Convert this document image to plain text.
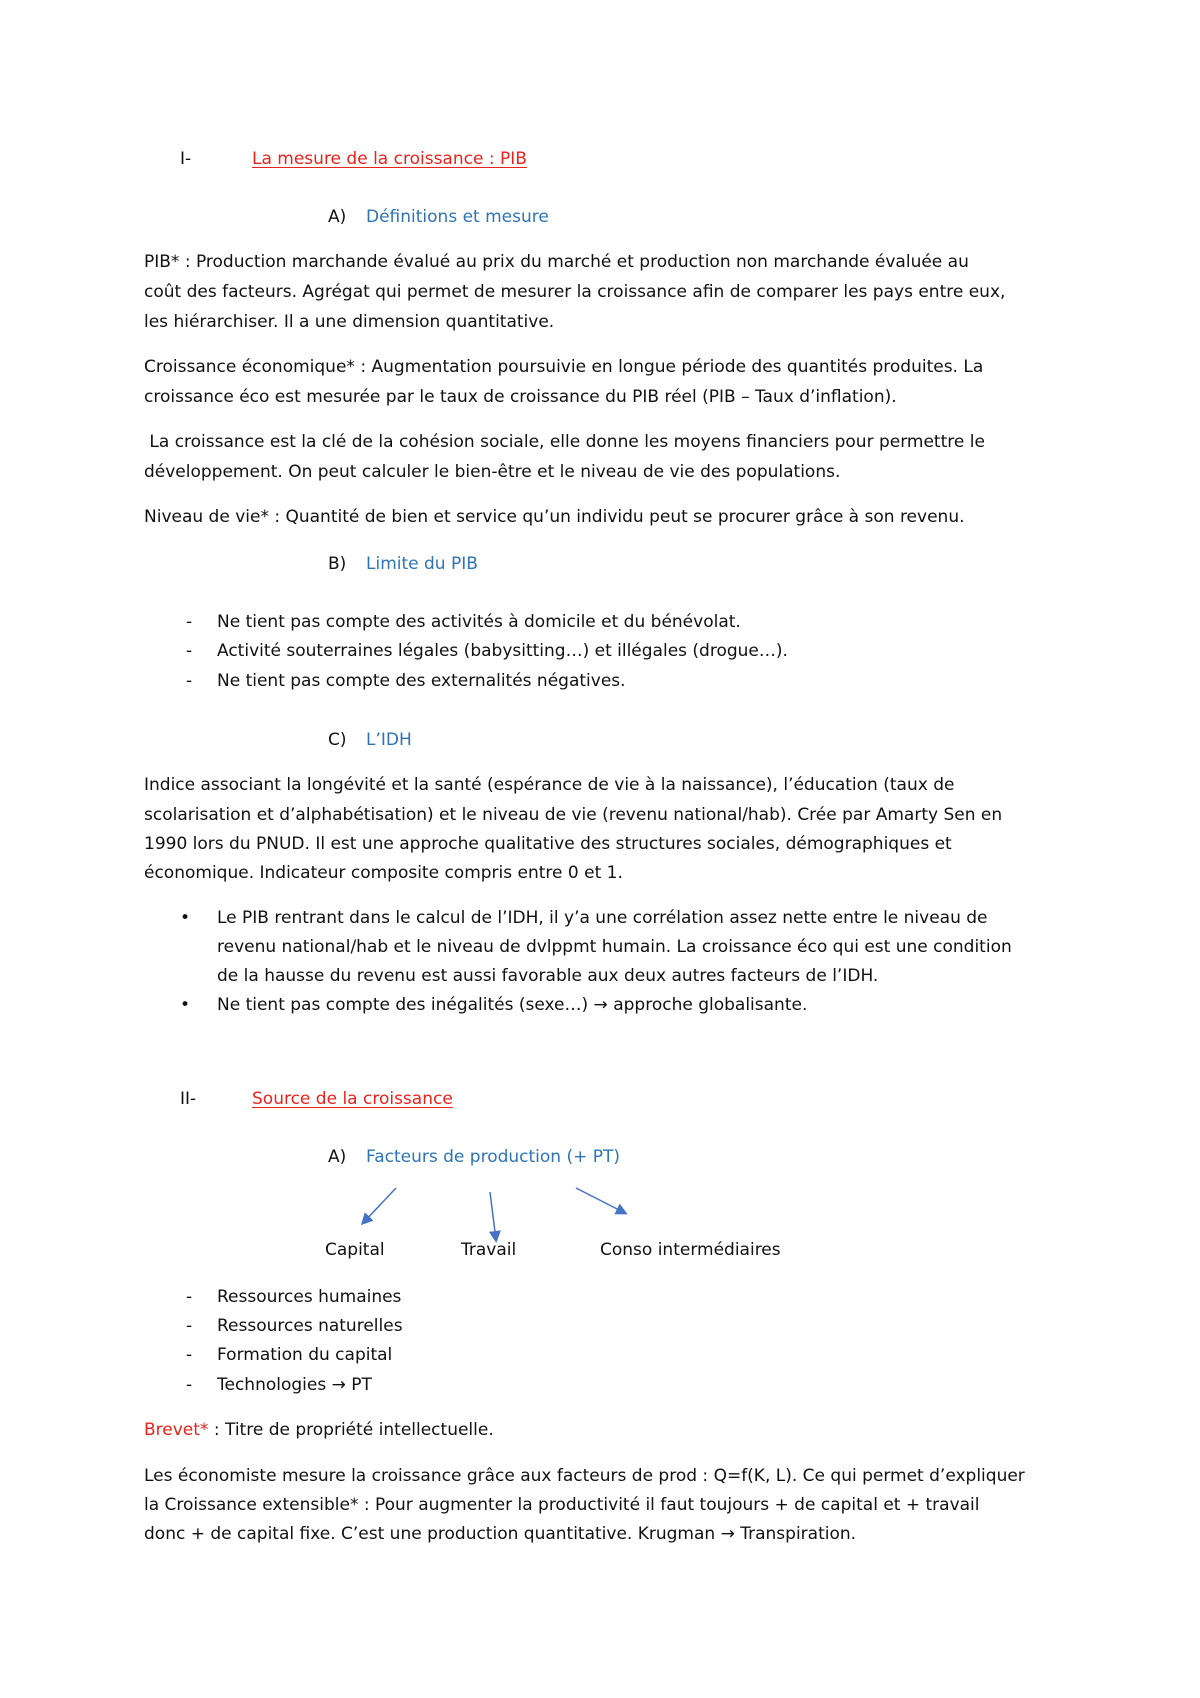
I-	La mesure de la croissance : PIB
A) Définitions et mesure
PIB* : Production marchande évalué au prix du marché et production non marchande évaluée au
coût des facteurs. Agrégat qui permet de mesurer la croissance afin de comparer les pays entre eux,
les hiérarchiser. Il a une dimension quantitative.
Croissance économique* : Augmentation poursuivie en longue période des quantités produites. La
croissance éco est mesurée par le taux de croissance du PIB réel (PIB – Taux d’inflation).
La croissance est la clé de la cohésion sociale, elle donne les moyens financiers pour permettre le
développement. On peut calculer le bien-être et le niveau de vie des populations.
Niveau de vie* : Quantité de bien et service qu’un individu peut se procurer grâce à son revenu.
B) Limite du PIB
- Ne tient pas compte des activités à domicile et du bénévolat.
- Activité souterraines légales (babysitting…) et illégales (drogue…).
- Ne tient pas compte des externalités négatives.
C) L’IDH
Indice associant la longévité et la santé (espérance de vie à la naissance), l’éducation (taux de
scolarisation et d’alphabétisation) et le niveau de vie (revenu national/hab). Crée par Amarty Sen en
1990 lors du PNUD. Il est une approche qualitative des structures sociales, démographiques et
économique. Indicateur composite compris entre 0 et 1.
• Le PIB rentrant dans le calcul de l’IDH, il y’a une corrélation assez nette entre le niveau de
revenu national/hab et le niveau de dvlppmt humain. La croissance éco qui est une condition
de la hausse du revenu est aussi favorable aux deux autres facteurs de l’IDH.
• Ne tient pas compte des inégalités (sexe…) → approche globalisante.
II-	Source de la croissance
A) Facteurs de production (+ PT)
Capital	Travail	Conso intermédiaires
- Ressources humaines
- Ressources naturelles
- Formation du capital
- Technologies → PT
Brevet* : Titre de propriété intellectuelle.
Les économiste mesure la croissance grâce aux facteurs de prod : Q=f(K, L). Ce qui permet d’expliquer
la Croissance extensible* : Pour augmenter la productivité il faut toujours + de capital et + travail
donc + de capital fixe. C’est une production quantitative. Krugman → Transpiration.
